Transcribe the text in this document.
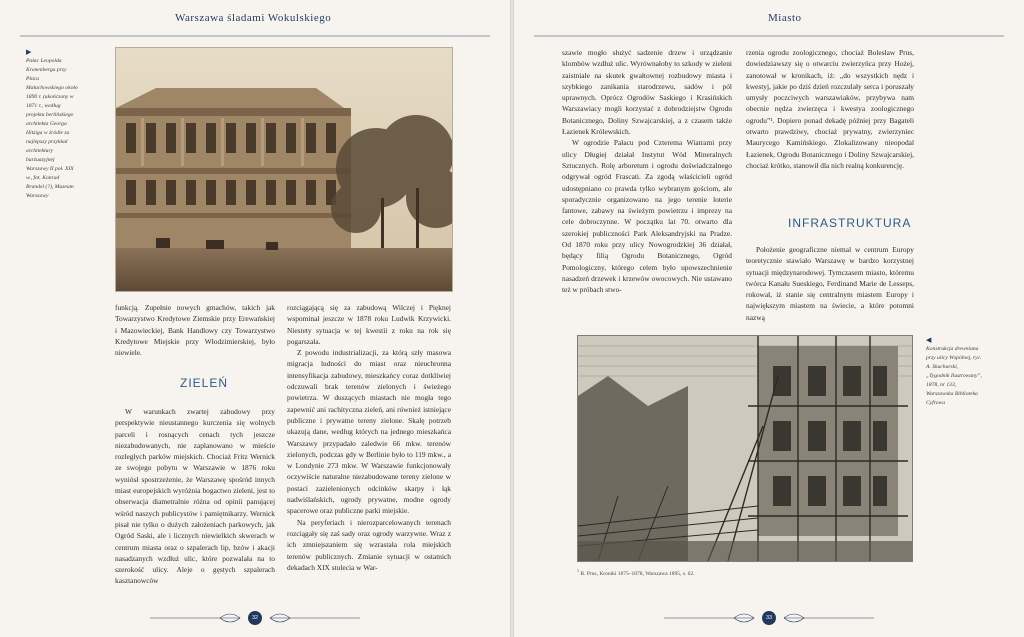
Warszawa śladami Wokulskiego
▶
Pałac Leopolda Kronenberga przy Placu Małachowskiego około 1890 r. (ukończony w 1871 r., według projektu berlińskiego architekta Georga Hitziga w źródle za najlepszy przykład architektury burżuazyjnej Warszawy II poł. XIX w., fot. Konrad Brandel (?), Muzeum Warszawy

funkcją. Zupełnie nowych gmachów, takich jak Towarzystwo Kredytowe Ziemskie przy Erewańskiej i Mazowieckiej, Bank Handlowy czy Towarzystwo Kredytowe Miejskie przy Włodzimierskiej, było niewiele.

ZIELEŃ

W warunkach zwartej zabudowy przy perspektywie nieustannego kurczenia się wolnych parceli i rosnących cenach tych jeszcze niezabudowanych, nie zaplanowano w mieście rozległych parków miejskich. Chociaż Fritz Wernick ze swojego pobytu w Warszawie w 1876 roku wyniósł spostrzeżenie, że Warszawę spośród innych miast europejskich wyróżnia bogactwo zieleni, jest to obserwacja diametralnie różna od opinii panującej wśród naszych publicystów i pamiętnikarzy. Wernick pisał nie tylko o dużych założeniach parkowych, jak Ogród Saski, ale i licznych niewielkich skwerach w centrum miasta oraz o szpalerach lip, bzów i akacji nasadzanych wzdłuż ulic, które pozwalała na to szerokość ulicy. Aleje o gęstych szpalerach kasztanowców

rozciągającą się za zabudową Wilczej i Pięknej wspominał jeszcze w 1878 roku Ludwik Krzywicki. Niestety sytuacja w tej kwestii z roku na rok się pogarszała.

Z powodu industrializacji, za którą szły masowa migracja ludności do miast oraz nieuchronna intensyfikacja zabudowy, mieszkańcy coraz dotkliwiej odczuwali brak terenów zielonych i świeżego powietrza. W duszących miastach nie mogła tego zapewnić ani rachityczna zieleń, ani również istniejące publiczne i prywatne tereny zielone. Skalę potrzeb ukazują dane, według których na jednego mieszkańca Warszawy przypadało zaledwie 66 mkw. terenów zielonych, podczas gdy w Berlinie było to 119 mkw., a w Londynie 273 mkw. W Warszawie funkcjonowały oczywiście naturalne niezabudowane tereny zielone w postaci zazielenionych odcinków skarpy i łąk nadwiślańskich, ogrody prywatne, modne ogrody spacerowe oraz publiczne parki miejskie.

Na peryferiach i nierozparcelowanych terenach rozciągały się zaś sady oraz ogrody warzywne. Wraz z ich zmniejszaniem się wzrastała rola miejskich terenów publicznych. Zmianie sytuacji w ostatnich dekadach XIX stulecia w War-

32
Miasto

szawie mogło służyć sadzenie drzew i urządzanie klombów wzdłuż ulic. Wyrównałoby to szkody w zieleni zaistniałe na skutek gwałtownej rozbudowy miasta i szybkiego zanikania starodrzewu, sadów i pól uprawnych. Oprócz Ogrodów Saskiego i Krasińskich Warszawiacy mogli korzystać z dobrodziejstw Ogrodu Botanicznego, Doliny Szwajcarskiej, a z czasem także Łazienek Królewskich.

W ogrodzie Pałacu pod Czterema Wiatrami przy ulicy Długiej działał Instytut Wód Mineralnych Sztucznych. Rolę arboretum i ogrodu doświadczalnego odgrywał ogród Frascati. Za zgodą właścicieli ogród udostępniano co prawda tylko wybranym gościom, ale sporadycznie organizowano na jego terenie loterie fantowe, zabawy na świeżym powietrzu i imprezy na cele dobroczynne. W początku lat 70. otwarto dla szerokiej publiczności Park Aleksandryjski na Pradze. Od 1870 roku przy ulicy Nowogrodzkiej 36 działał, będący filią Ogrodu Botanicznego, Ogród Pomologiczny, którego celem było upowszechnienie nasadzeń drzewek i krzewów owocowych. Nie ustawano też w próbach stwo-

rzenia ogrodu zoologicznego, chociaż Bolesław Prus, dowiedziawszy się o otwarciu zwierzyńca przy Hożej, zanotował w kronikach, iż: „do wszystkich nędz i kwestyj, jakie po dziś dzień rozczulały serca i poruszały umysły poczciwych warszawiaków, przybywa nam obecnie nędza zwierzęca i kwestya zoologicznego ogrodu”¹. Dopiero ponad dekadę później przy Bagateli otwarto prawdziwy, chociaż prywatny, zwierzyniec Maurycego Kamińskiego. Zlokalizowany nieopodal Łazienek, Ogrodu Botanicznego i Doliny Szwajcarskiej, chociaż krótko, stanowił dla nich realną konkurencję.

INFRASTRUKTURA

Położenie geograficzne niemal w centrum Europy teoretycznie stawiało Warszawę w bardzo korzystnej sytuacji międzynarodowej. Tymczasem miasto, któremu twórca Kanału Sueskiego, Ferdinand Marie de Lesseps, rokował, iż stanie się centralnym miastem Europy i największym miastem na świecie, a które potomni nazwą

◀
Konstrukcja drewniana przy ulicy Wspólnej, ryc. A. Skucharski, „Tygodnik Ilustrowany”, 1878, nr 133, Warszawska Biblioteka Cyfrowa
$^1$ B. Prus, Kroniki 1875–1878, Warszawa 1895, s. 62.
33
